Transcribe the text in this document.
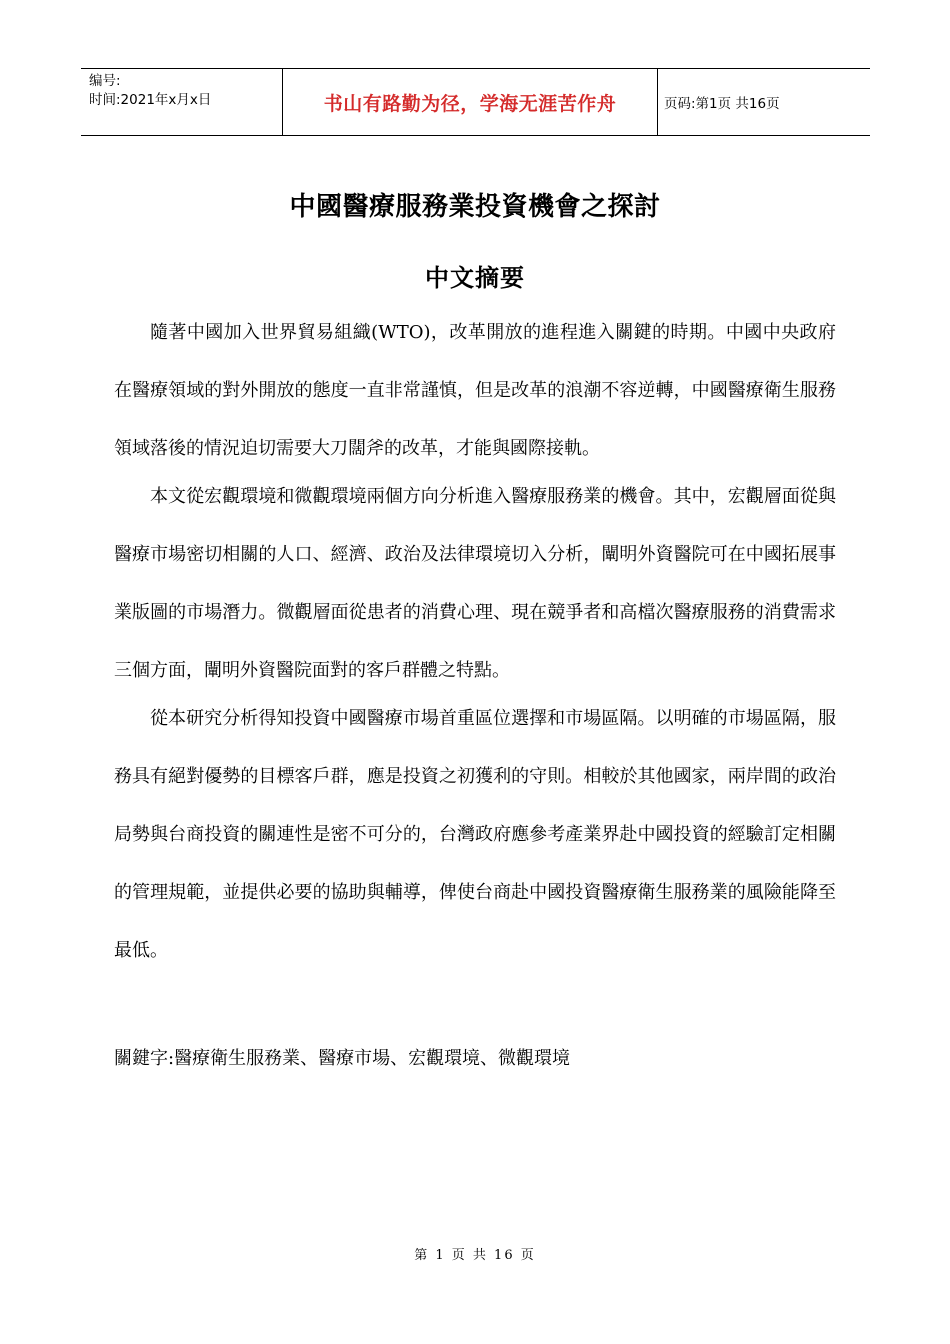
编号:
时间:2021年x月x日	书山有路勤为径，学海无涯苦作舟	页码:第1页 共16页
中國醫療服務業投資機會之探討
中文摘要

隨著中國加入世界貿易組織(WTO)，改革開放的進程進入關鍵的時期。中國中央政府在醫療領域的對外開放的態度一直非常謹慎，但是改革的浪潮不容逆轉，中國醫療衛生服務領域落後的情況迫切需要大刀闊斧的改革，才能與國際接軌。

本文從宏觀環境和微觀環境兩個方向分析進入醫療服務業的機會。其中，宏觀層面從與醫療市場密切相關的人口、經濟、政治及法律環境切入分析，闡明外資醫院可在中國拓展事業版圖的市場潛力。微觀層面從患者的消費心理、現在競爭者和高檔次醫療服務的消費需求三個方面，闡明外資醫院面對的客戶群體之特點。

從本研究分析得知投資中國醫療市場首重區位選擇和市場區隔。以明確的市場區隔，服務具有絕對優勢的目標客戶群，應是投資之初獲利的守則。相較於其他國家，兩岸間的政治局勢與台商投資的關連性是密不可分的，台灣政府應參考產業界赴中國投資的經驗訂定相關的管理規範，並提供必要的協助與輔導，俾使台商赴中國投資醫療衛生服務業的風險能降至最低。

關鍵字:醫療衛生服務業、醫療市場、宏觀環境、微觀環境

第 1 页 共 16 页
